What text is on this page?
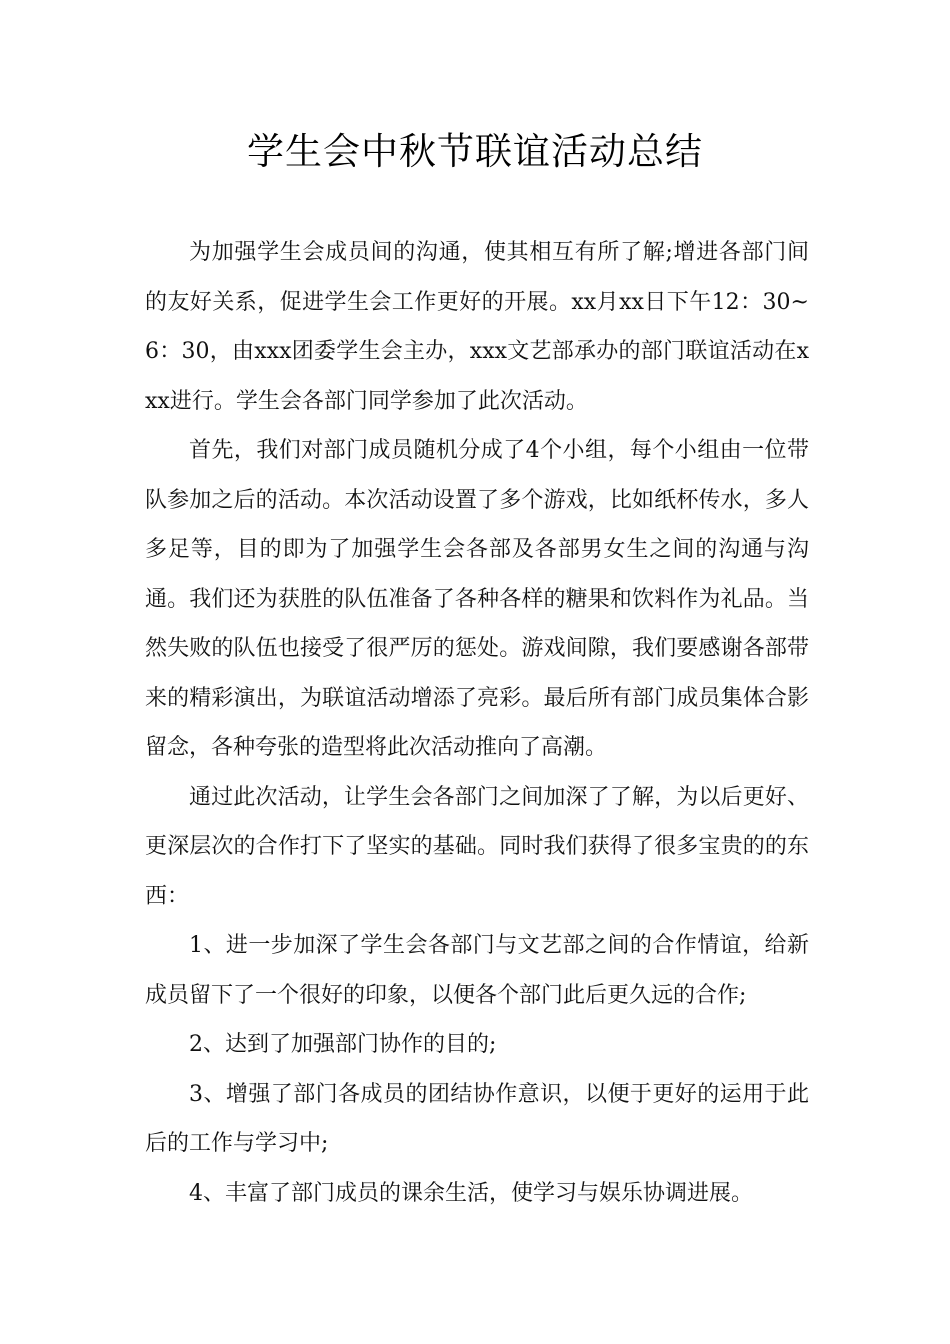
学生会中秋节联谊活动总结

为加强学生会成员间的沟通，使其相互有所了解;增进各部门间的友好关系，促进学生会工作更好的开展。xx月xx日下午12：30~6：30，由xxx团委学生会主办，xxx文艺部承办的部门联谊活动在xxx进行。学生会各部门同学参加了此次活动。

首先，我们对部门成员随机分成了4个小组，每个小组由一位带队参加之后的活动。本次活动设置了多个游戏，比如纸杯传水，多人多足等，目的即为了加强学生会各部及各部男女生之间的沟通与沟通。我们还为获胜的队伍准备了各种各样的糖果和饮料作为礼品。当然失败的队伍也接受了很严厉的惩处。游戏间隙，我们要感谢各部带来的精彩演出，为联谊活动增添了亮彩。最后所有部门成员集体合影留念，各种夸张的造型将此次活动推向了高潮。

通过此次活动，让学生会各部门之间加深了了解，为以后更好、更深层次的合作打下了坚实的基础。同时我们获得了很多宝贵的的东西：

1、进一步加深了学生会各部门与文艺部之间的合作情谊，给新成员留下了一个很好的印象，以便各个部门此后更久远的合作;

2、达到了加强部门协作的目的;

3、增强了部门各成员的团结协作意识，以便于更好的运用于此后的工作与学习中;

4、丰富了部门成员的课余生活，使学习与娱乐协调进展。
